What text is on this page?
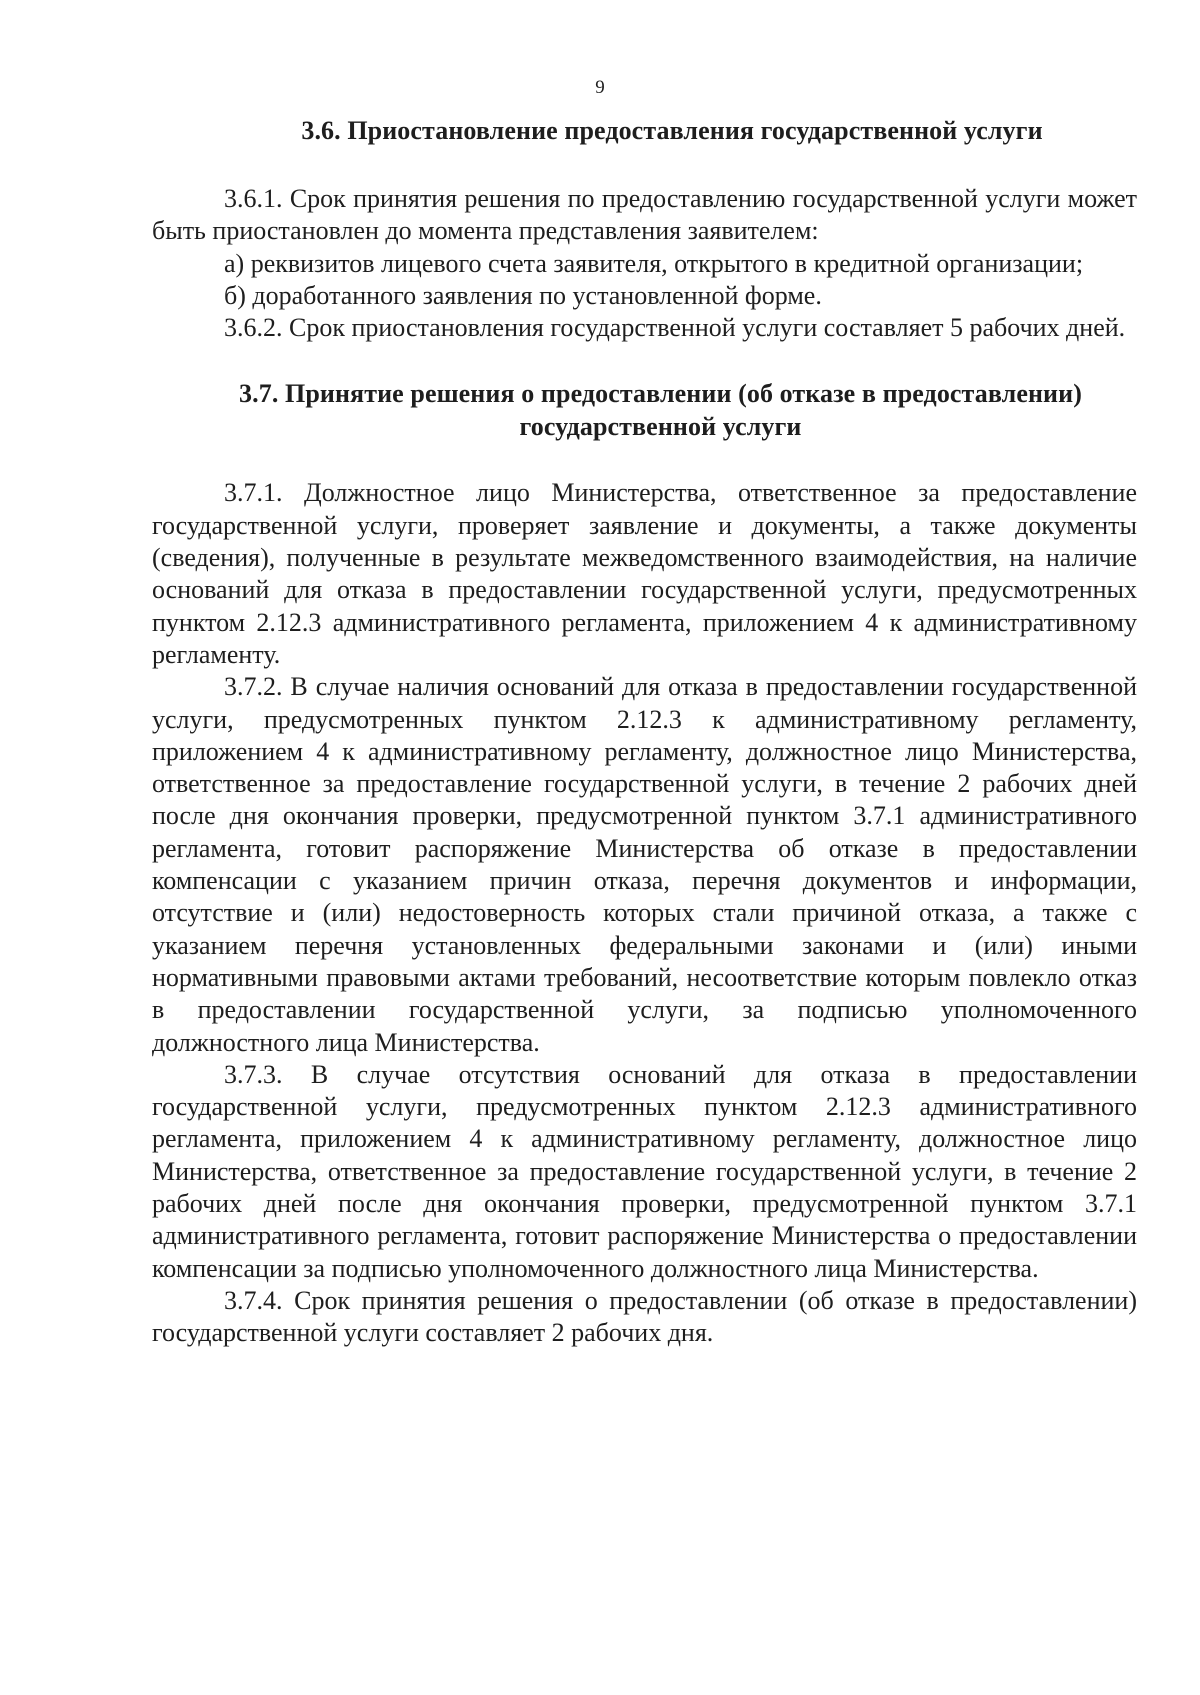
9
3.6. Приостановление предоставления государственной услуги

3.6.1. Срок принятия решения по предоставлению государственной услуги может быть приостановлен до момента представления заявителем:

а) реквизитов лицевого счета заявителя, открытого в кредитной организации;

б) доработанного заявления по установленной форме.

3.6.2. Срок приостановления государственной услуги составляет 5 рабочих дней.

3.7. Принятие решения о предоставлении (об отказе в предоставлении)
государственной услуги

3.7.1. Должностное лицо Министерства, ответственное за предоставление государственной услуги, проверяет заявление и документы, а также документы (сведения), полученные в результате межведомственного взаимодействия, на наличие оснований для отказа в предоставлении государственной услуги, предусмотренных пунктом 2.12.3 административного регламента, приложением 4 к административному регламенту.

3.7.2. В случае наличия оснований для отказа в предоставлении государственной услуги, предусмотренных пунктом 2.12.3 к административному регламенту, приложением 4 к административному регламенту, должностное лицо Министерства, ответственное за предоставление государственной услуги, в течение 2 рабочих дней после дня окончания проверки, предусмотренной пунктом 3.7.1 административного регламента, готовит распоряжение Министерства об отказе в предоставлении компенсации с указанием причин отказа, перечня документов и информации, отсутствие и (или) недостоверность которых стали причиной отказа, а также с указанием перечня установленных федеральными законами и (или) иными нормативными правовыми актами требований, несоответствие которым повлекло отказ в предоставлении государственной услуги, за подписью уполномоченного должностного лица Министерства.

3.7.3. В случае отсутствия оснований для отказа в предоставлении государственной услуги, предусмотренных пунктом 2.12.3 административного регламента, приложением 4 к административному регламенту, должностное лицо Министерства, ответственное за предоставление государственной услуги, в течение 2 рабочих дней после дня окончания проверки, предусмотренной пунктом 3.7.1 административного регламента, готовит распоряжение Министерства о предоставлении компенсации за подписью уполномоченного должностного лица Министерства.

3.7.4. Срок принятия решения о предоставлении (об отказе в предоставлении) государственной услуги составляет 2 рабочих дня.
